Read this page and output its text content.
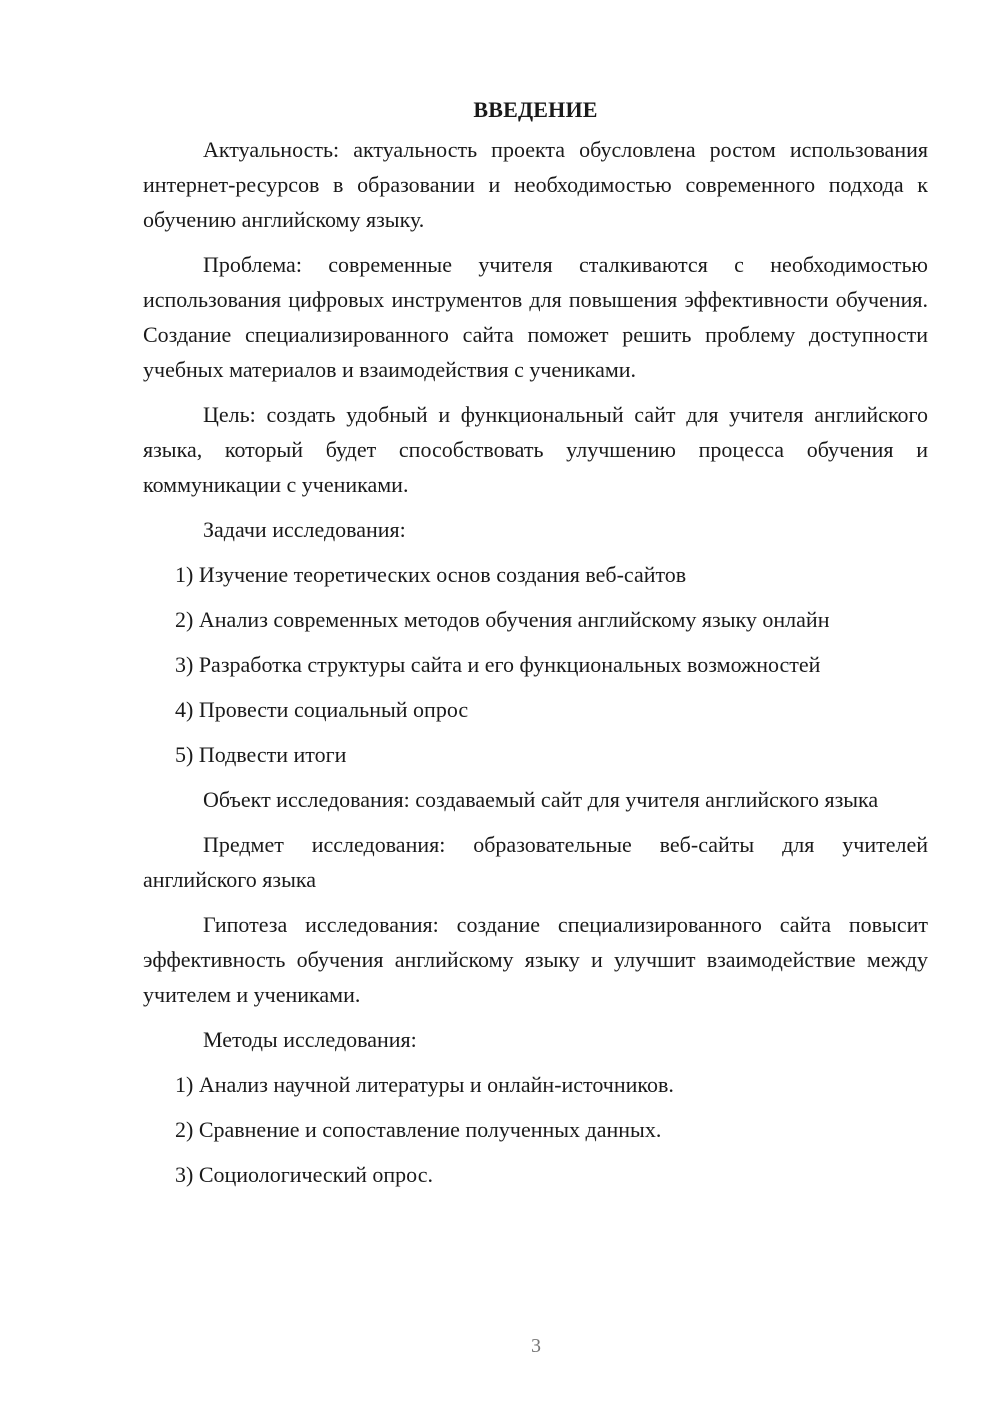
ВВЕДЕНИЕ

Актуальность: актуальность проекта обусловлена ростом использования интернет-ресурсов в образовании и необходимостью современного подхода к обучению английскому языку.

Проблема: современные учителя сталкиваются с необходимостью использования цифровых инструментов для повышения эффективности обучения. Создание специализированного сайта поможет решить проблему доступности учебных материалов и взаимодействия с учениками.

Цель: создать удобный и функциональный сайт для учителя английского языка, который будет способствовать улучшению процесса обучения и коммуникации с учениками.

Задачи исследования:

1) Изучение теоретических основ создания веб-сайтов
2) Анализ современных методов обучения английскому языку онлайн
3) Разработка структуры сайта и его функциональных возможностей
4) Провести социальный опрос
5) Подвести итоги

Объект исследования: создаваемый сайт для учителя английского языка

Предмет исследования: образовательные веб-сайты для учителей английского языка

Гипотеза исследования: создание специализированного сайта повысит эффективность обучения английскому языку и улучшит взаимодействие между учителем и учениками.

Методы исследования:

1) Анализ научной литературы и онлайн-источников.
2) Сравнение и сопоставление полученных данных.
3) Социологический опрос.
3
